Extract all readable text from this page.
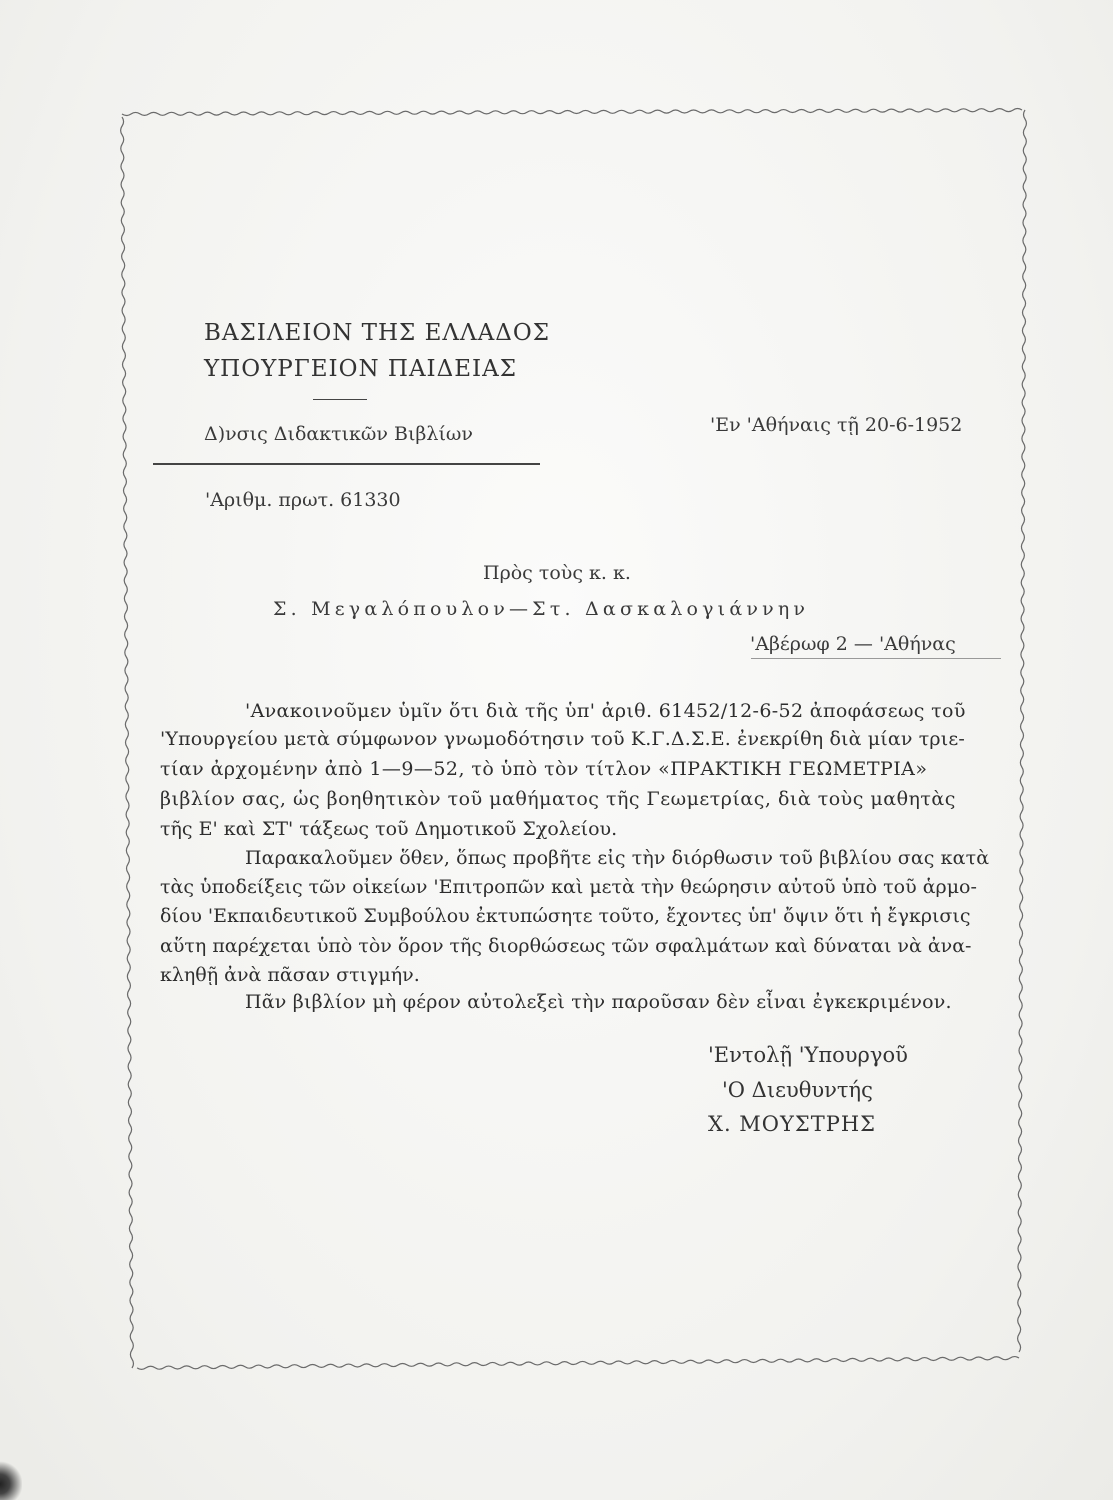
ΒΑΣΙΛΕΙΟΝ ΤΗΣ ΕΛΛΑΔΟΣ

ΥΠΟΥΡΓΕΙΟΝ ΠΑΙΔΕΙΑΣ

Δ)νσις Διδακτικῶν Βιβλίων	'Εν 'Αθήναις τῇ 20-6-1952

'Αριθμ. πρωτ. 61330

Πρὸς τοὺς κ. κ.

Σ. Μεγαλόπουλον—Στ. Δασκαλογιάννην

'Αβέρωφ 2 — 'Αθήνας

'Ανακοινοῦμεν ὑμῖν ὅτι διὰ τῆς ὑπ' ἀριθ. 61452/12-6-52 ἀποφάσεως τοῦ

'Υπουργείου μετὰ σύμφωνον γνωμοδότησιν τοῦ Κ.Γ.Δ.Σ.Ε. ἐνεκρίθη διὰ μίαν τριε-

τίαν ἀρχομένην ἀπὸ 1—9—52, τὸ ὑπὸ τὸν τίτλον «ΠΡΑΚΤΙΚΗ ΓΕΩΜΕΤΡΙΑ»

βιβλίον σας, ὡς βοηθητικὸν τοῦ μαθήματος τῆς Γεωμετρίας, διὰ τοὺς μαθητὰς

τῆς Ε' καὶ ΣΤ' τάξεως τοῦ Δημοτικοῦ Σχολείου.

Παρακαλοῦμεν ὅθεν, ὅπως προβῆτε εἰς τὴν διόρθωσιν τοῦ βιβλίου σας κατὰ

τὰς ὑποδείξεις τῶν οἰκείων 'Επιτροπῶν καὶ μετὰ τὴν θεώρησιν αὐτοῦ ὑπὸ τοῦ ἁρμο-

δίου 'Εκπαιδευτικοῦ Συμβούλου ἐκτυπώσητε τοῦτο, ἔχοντες ὑπ' ὄψιν ὅτι ἡ ἔγκρισις

αὕτη παρέχεται ὑπὸ τὸν ὅρον τῆς διορθώσεως τῶν σφαλμάτων καὶ δύναται νὰ ἀνα-

κληθῇ ἀνὰ πᾶσαν στιγμήν.

Πᾶν βιβλίον μὴ φέρον αὐτολεξεὶ τὴν παροῦσαν δὲν εἶναι ἐγκεκριμένον.

'Εντολῇ 'Υπουργοῦ

'Ο Διευθυντής

Χ. ΜΟΥΣΤΡΗΣ
